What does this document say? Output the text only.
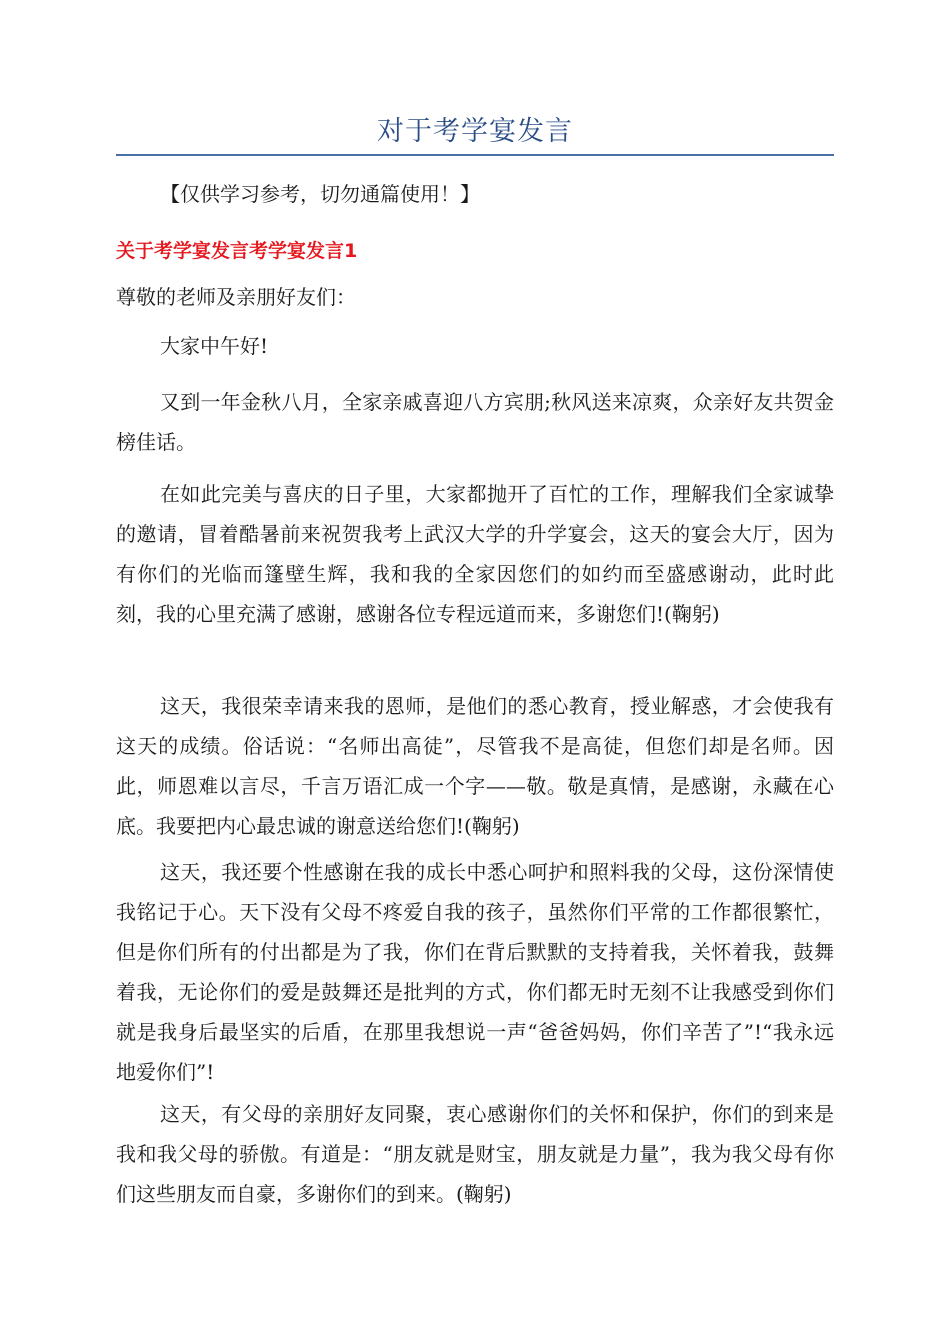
对于考学宴发言
【仅供学习参考，切勿通篇使用！】
关于考学宴发言考学宴发言1
尊敬的老师及亲朋好友们：

大家中午好!

又到一年金秋八月，全家亲戚喜迎八方宾朋;秋风送来凉爽，众亲好友共贺金榜佳话。

在如此完美与喜庆的日子里，大家都抛开了百忙的工作，理解我们全家诚挚的邀请，冒着酷暑前来祝贺我考上武汉大学的升学宴会，这天的宴会大厅，因为有你们的光临而篷壁生辉，我和我的全家因您们的如约而至盛感谢动，此时此刻，我的心里充满了感谢，感谢各位专程远道而来，多谢您们!(鞠躬)

这天，我很荣幸请来我的恩师，是他们的悉心教育，授业解惑，才会使我有这天的成绩。俗话说：“名师出高徒”，尽管我不是高徒，但您们却是名师。因此，师恩难以言尽，千言万语汇成一个字——敬。敬是真情，是感谢，永藏在心底。我要把内心最忠诚的谢意送给您们!(鞠躬)

这天，我还要个性感谢在我的成长中悉心呵护和照料我的父母，这份深情使我铭记于心。天下没有父母不疼爱自我的孩子，虽然你们平常的工作都很繁忙，但是你们所有的付出都是为了我，你们在背后默默的支持着我，关怀着我，鼓舞着我，无论你们的爱是鼓舞还是批判的方式，你们都无时无刻不让我感受到你们就是我身后最坚实的后盾，在那里我想说一声“爸爸妈妈，你们辛苦了”!“我永远地爱你们”!

这天，有父母的亲朋好友同聚，衷心感谢你们的关怀和保护，你们的到来是我和我父母的骄傲。有道是：“朋友就是财宝，朋友就是力量”，我为我父母有你们这些朋友而自豪，多谢你们的到来。(鞠躬)
